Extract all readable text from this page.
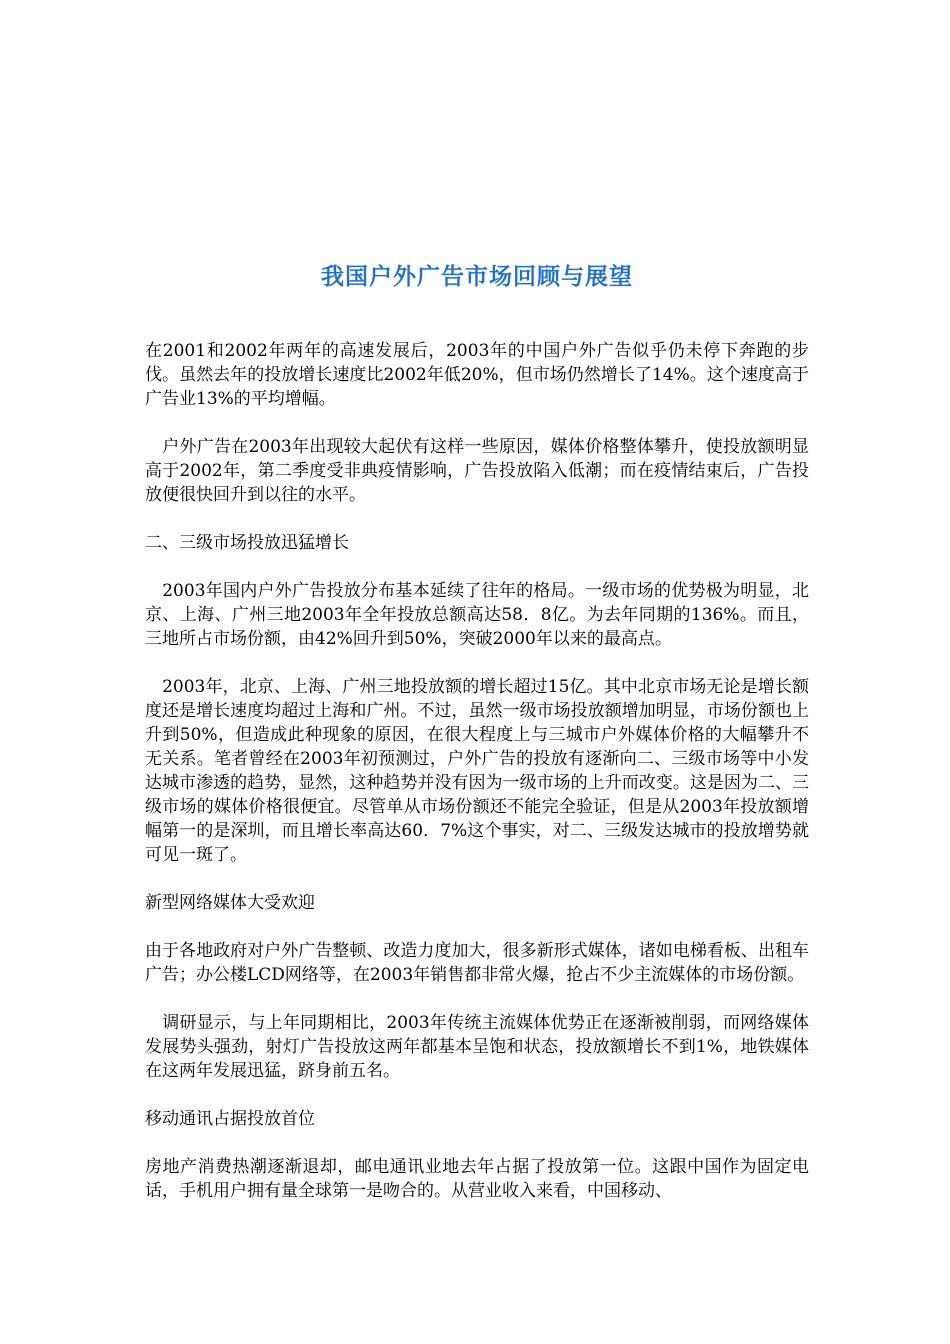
我国户外广告市场回顾与展望

在2001和2002年两年的高速发展后，2003年的中国户外广告似乎仍未停下奔跑的步伐。虽然去年的投放增长速度比2002年低20%，但市场仍然增长了14%。这个速度高于广告业13%的平均增幅。

　户外广告在2003年出现较大起伏有这样一些原因，媒体价格整体攀升，使投放额明显高于2002年，第二季度受非典疫情影响，广告投放陷入低潮；而在疫情结束后，广告投放便很快回升到以往的水平。

二、三级市场投放迅猛增长

　2003年国内户外广告投放分布基本延续了往年的格局。一级市场的优势极为明显，北京、上海、广州三地2003年全年投放总额高达58．8亿。为去年同期的136%。而且，三地所占市场份额，由42%回升到50%，突破2000年以来的最高点。

　2003年，北京、上海、广州三地投放额的增长超过15亿。其中北京市场无论是增长额度还是增长速度均超过上海和广州。不过，虽然一级市场投放额增加明显，市场份额也上升到50%，但造成此种现象的原因，在很大程度上与三城市户外媒体价格的大幅攀升不无关系。笔者曾经在2003年初预测过，户外广告的投放有逐渐向二、三级市场等中小发达城市渗透的趋势，显然，这种趋势并没有因为一级市场的上升而改变。这是因为二、三级市场的媒体价格很便宜。尽管单从市场份额还不能完全验证，但是从2003年投放额增幅第一的是深圳，而且增长率高达60．7%这个事实，对二、三级发达城市的投放增势就可见一斑了。

新型网络媒体大受欢迎

由于各地政府对户外广告整顿、改造力度加大，很多新形式媒体，诸如电梯看板、出租车广告；办公楼LCD网络等，在2003年销售都非常火爆，抢占不少主流媒体的市场份额。

　调研显示，与上年同期相比，2003年传统主流媒体优势正在逐渐被削弱，而网络媒体发展势头强劲，射灯广告投放这两年都基本呈饱和状态，投放额增长不到1%，地铁媒体在这两年发展迅猛，跻身前五名。

移动通讯占据投放首位

房地产消费热潮逐渐退却，邮电通讯业地去年占据了投放第一位。这跟中国作为固定电话，手机用户拥有量全球第一是吻合的。从营业收入来看，中国移动、
